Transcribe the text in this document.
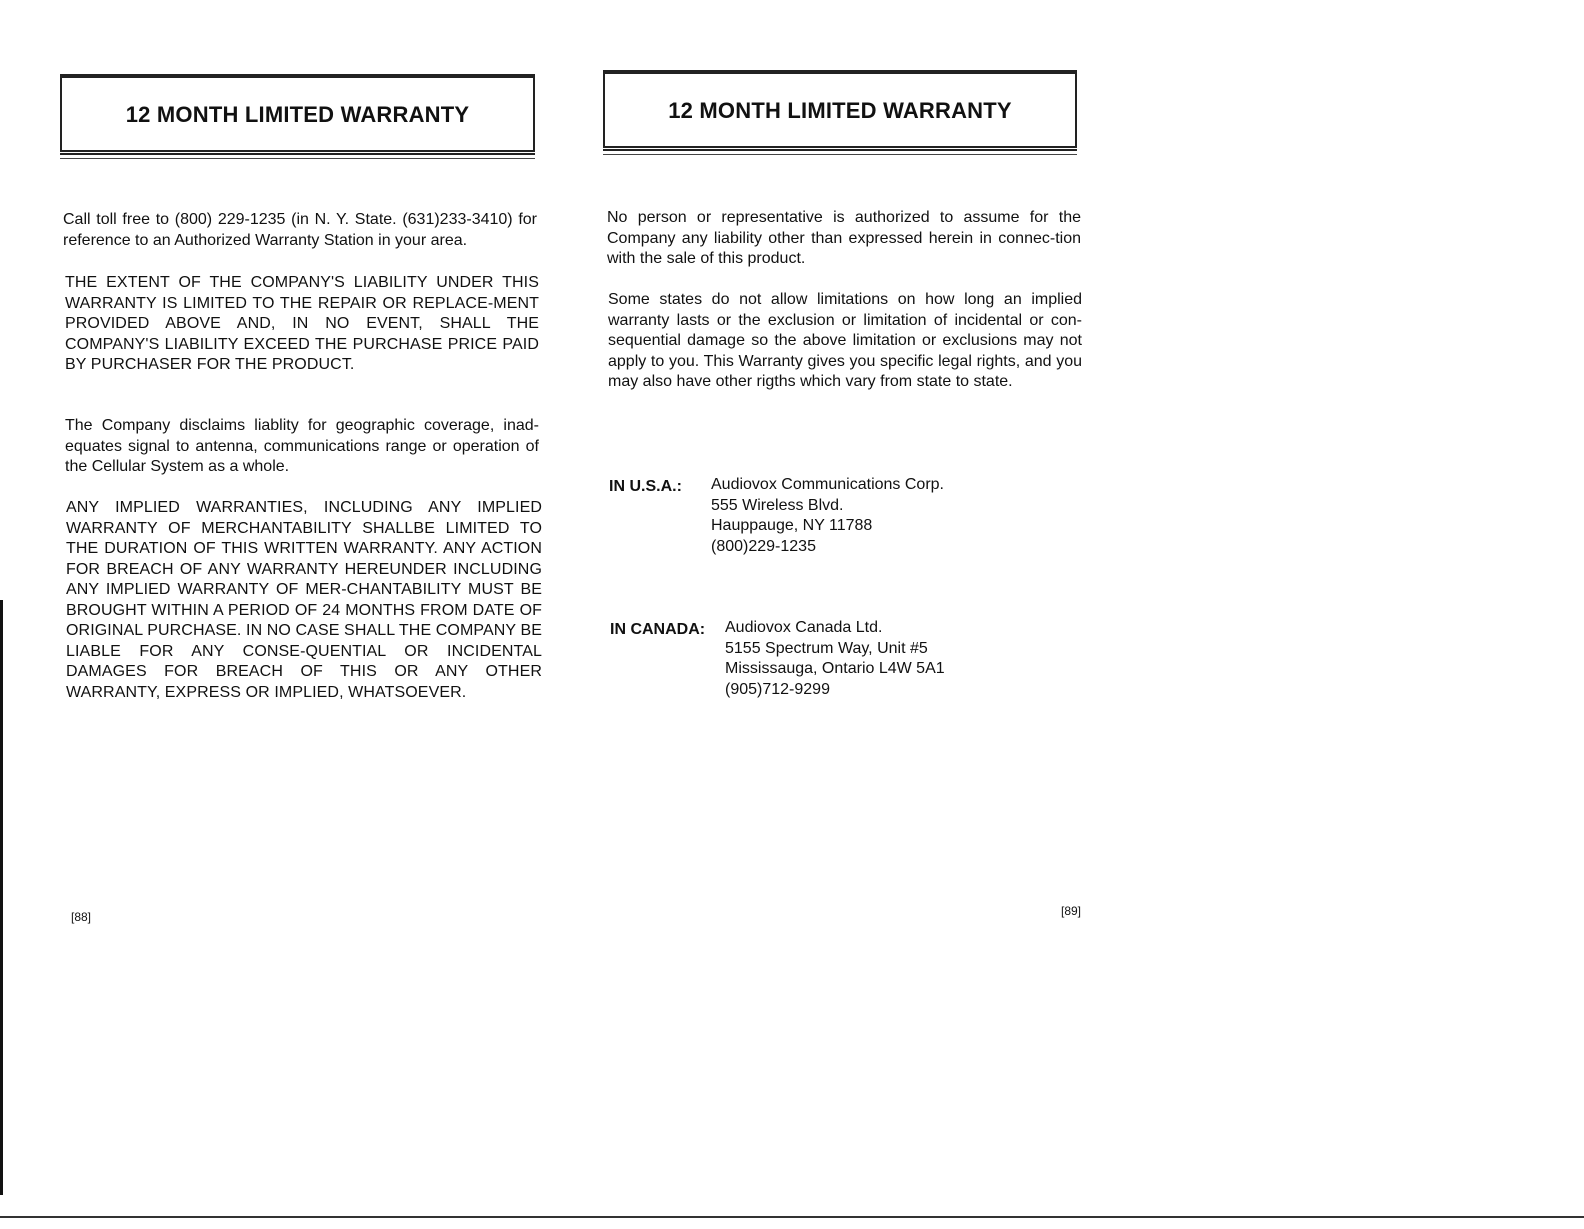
12 MONTH LIMITED WARRANTY
Call toll free to (800) 229-1235 (in N. Y. State. (631)233-3410) for reference to an Authorized Warranty Station in your area.
THE EXTENT OF THE COMPANY'S LIABILITY UNDER THIS WARRANTY IS LIMITED TO THE REPAIR OR REPLACE-MENT PROVIDED ABOVE AND, IN NO EVENT, SHALL THE COMPANY'S LIABILITY EXCEED THE PURCHASE PRICE PAID BY PURCHASER FOR THE PRODUCT.
The Company disclaims liablity for geographic coverage, inad-equates signal to antenna, communications range or operation of the Cellular System as a whole.
ANY IMPLIED WARRANTIES, INCLUDING ANY IMPLIED WARRANTY OF MERCHANTABILITY SHALLBE LIMITED TO THE DURATION OF THIS WRITTEN WARRANTY. ANY ACTION FOR BREACH OF ANY WARRANTY HEREUNDER INCLUDING ANY IMPLIED WARRANTY OF MER-CHANTABILITY MUST BE BROUGHT WITHIN A PERIOD OF 24 MONTHS FROM DATE OF ORIGINAL PURCHASE. IN NO CASE SHALL THE COMPANY BE LIABLE FOR ANY CONSE-QUENTIAL OR INCIDENTAL DAMAGES FOR BREACH OF THIS OR ANY OTHER WARRANTY, EXPRESS OR IMPLIED, WHATSOEVER.
[88]
12 MONTH LIMITED WARRANTY
No person or representative is authorized to assume for the Company any liability other than expressed herein in connec-tion with the sale of this product.
Some states do not allow limitations on how long an implied warranty lasts or the exclusion or limitation of incidental or con-sequential damage so the above limitation or exclusions may not apply to you. This Warranty gives you specific legal rights, and you may also have other rigths which vary from state to state.
IN U.S.A.: Audiovox Communications Corp.
555 Wireless Blvd.
Hauppauge, NY 11788
(800)229-1235
IN CANADA: Audiovox Canada Ltd.
5155 Spectrum Way, Unit #5
Mississauga, Ontario L4W 5A1
(905)712-9299
[89]
